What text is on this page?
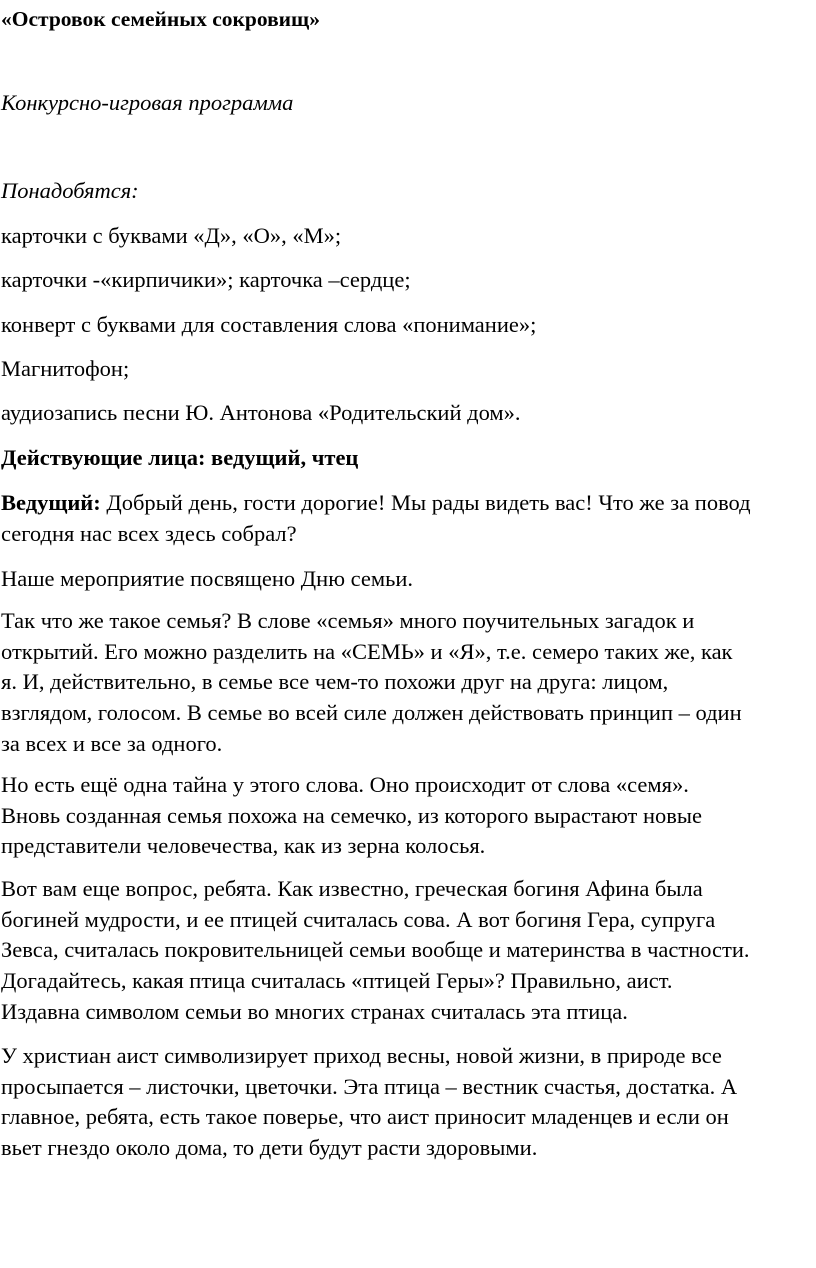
«Островок семейных сокровищ»

Конкурсно-игровая программа

Понадобятся:

карточки с буквами «Д», «О», «М»;

карточки -«кирпичики»; карточка –сердце;

конверт с буквами для составления слова «понимание»;

Магнитофон;

аудиозапись песни Ю. Антонова «Родительский дом».

Действующие лица: ведущий, чтец

Ведущий: Добрый день, гости дорогие! Мы рады видеть вас! Что же за повод
сегодня нас всех здесь собрал?

Наше мероприятие посвящено Дню семьи.

Так что же такое семья? В слове «семья» много поучительных загадок и
открытий. Его можно разделить на «СЕМЬ» и «Я», т.е. семеро таких же, как
я. И, действительно, в семье все чем-то похожи друг на друга: лицом,
взглядом, голосом. В семье во всей силе должен действовать принцип – один
за всех и все за одного.
Но есть ещё одна тайна у этого слова. Оно происходит от слова «семя».
Вновь созданная семья похожа на семечко, из которого вырастают новые
представители человечества, как из зерна колосья.
Вот вам еще вопрос, ребята. Как известно, греческая богиня Афина была
богиней мудрости, и ее птицей считалась сова. А вот богиня Гера, супруга
Зевса, считалась покровительницей семьи вообще и материнства в частности.
Догадайтесь, какая птица считалась «птицей Геры»? Правильно, аист.
Издавна символом семьи во многих странах считалась эта птица.
У христиан аист символизирует приход весны, новой жизни, в природе все
просыпается – листочки, цветочки. Эта птица – вестник счастья, достатка. А
главное, ребята, есть такое поверье, что аист приносит младенцев и если он
вьет гнездо около дома, то дети будут расти здоровыми.
